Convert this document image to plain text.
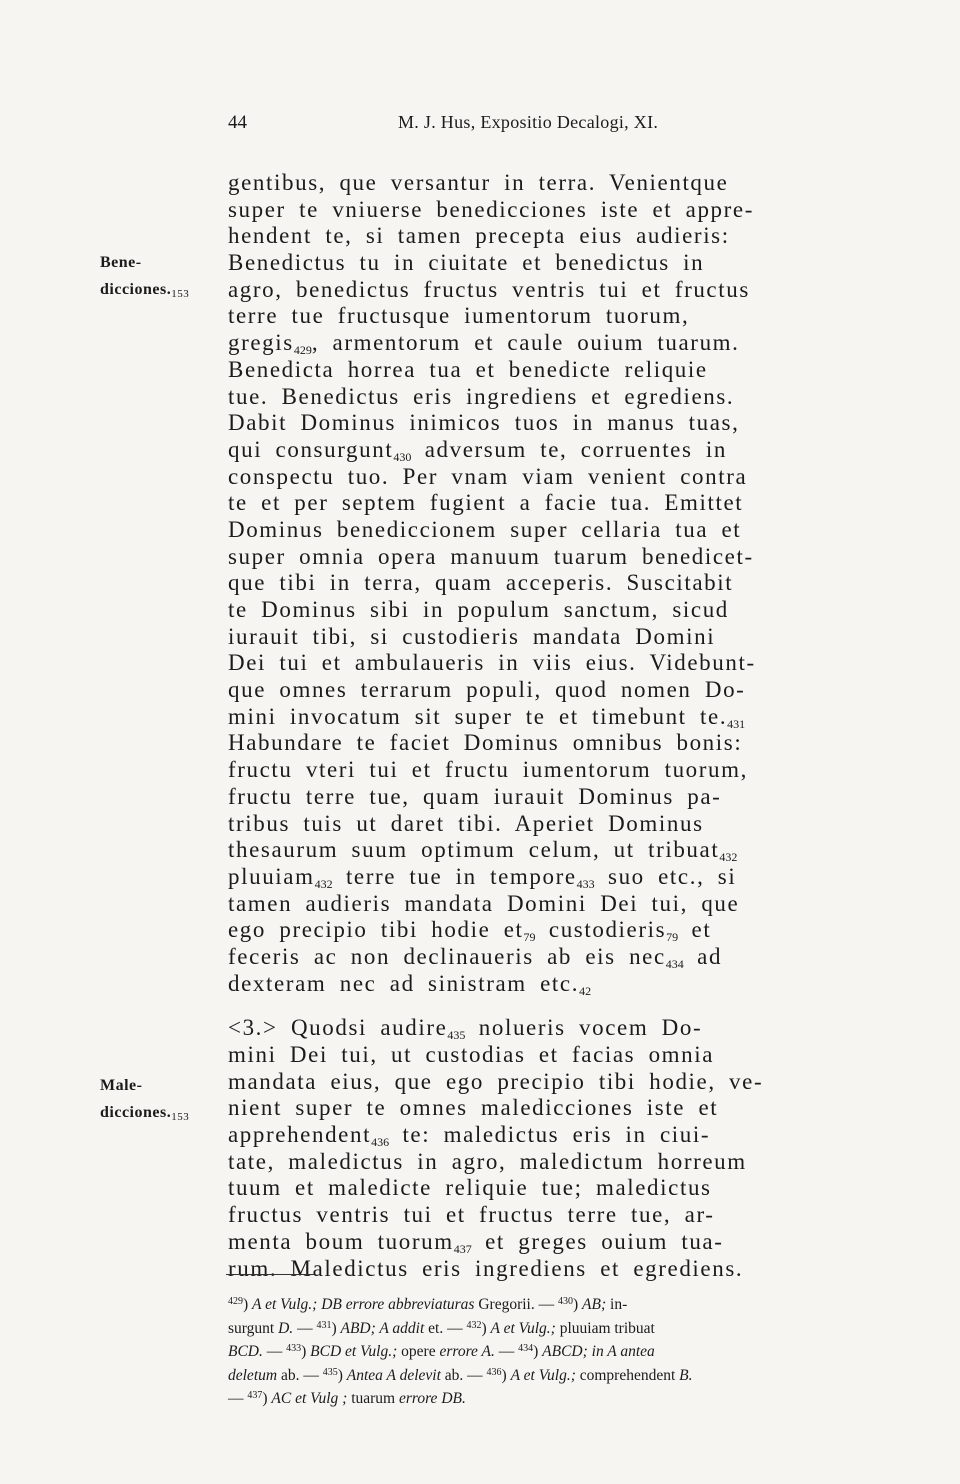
44	M. J. Hus, Expositio Decalogi, XI.
Bene-
dicciones.153
Male-
dicciones.153
gentibus, que versantur in terra. Venientque
super te vniuerse benedicciones iste et appre-
hendent te, si tamen precepta eius audieris:
Benedictus tu in ciuitate et benedictus in
agro, benedictus fructus ventris tui et fructus
terre tue fructusque iumentorum tuorum,
gregis$_{429}$, armentorum et caule ouium tuarum.
Benedicta horrea tua et benedicte reliquie
tue. Benedictus eris ingrediens et egrediens.
Dabit Dominus inimicos tuos in manus tuas,
qui consurgunt$_{430}$ adversum te, corruentes in
conspectu tuo. Per vnam viam venient contra
te et per septem fugient a facie tua. Emittet
Dominus benediccionem super cellaria tua et
super omnia opera manuum tuarum benedicet-
que tibi in terra, quam acceperis. Suscitabit
te Dominus sibi in populum sanctum, sicud
iurauit tibi, si custodieris mandata Domini
Dei tui et ambulaueris in viis eius. Videbunt-
que omnes terrarum populi, quod nomen Do-
mini invocatum sit super te et timebunt $te._{431}$
Habundare te faciet Dominus omnibus bonis:
fructu vteri tui et fructu iumentorum tuorum,
fructu terre tue, quam iurauit Dominus pa-
tribus tuis ut daret tibi. Aperiet Dominus
thesaurum suum optimum celum, ut tribuat$_{432}$
pluuiam$_{432}$ terre tue in tempore$_{433}$ suo etc., si
tamen audieris mandata Domini Dei tui, que
ego precipio tibi hodie $et_{79}$ custodieris$_{79}$ et
feceris ac non declinaueris ab eis nec$_{434}$ ad
dexteram nec ad sinistram $etc._{42}$
<3.> Quodsi audire$_{435}$ nolueris vocem Do-
mini Dei tui, ut custodias et facias omnia
mandata eius, que ego precipio tibi hodie, ve-
nient super te omnes maledicciones iste et
apprehendent$_{436}$ te: maledictus eris in ciui-
tate, maledictus in agro, maledictum horreum
tuum et maledicte reliquie tue; maledictus
fructus ventris tui et fructus terre tue, ar-
menta boum tuorum$_{437}$ et greges ouium tua-
rum. Maledictus eris ingrediens et egrediens.
$^{429}$) A et Vulg.; DB errore abbreviaturas Gregorii. — $^{430}$) AB; in-
surgunt D. — $^{431}$) ABD; A addit et. — $^{432}$) A et Vulg.; pluuiam tribuat
BCD. — $^{433}$) BCD et Vulg.; opere errore A. — $^{434}$) ABCD; in A antea
deletum ab. — $^{435}$) Antea A delevit ab. — $^{436}$) A et Vulg.; comprehendent B.
— $^{437}$) AC et Vulg ; tuarum errore DB.
